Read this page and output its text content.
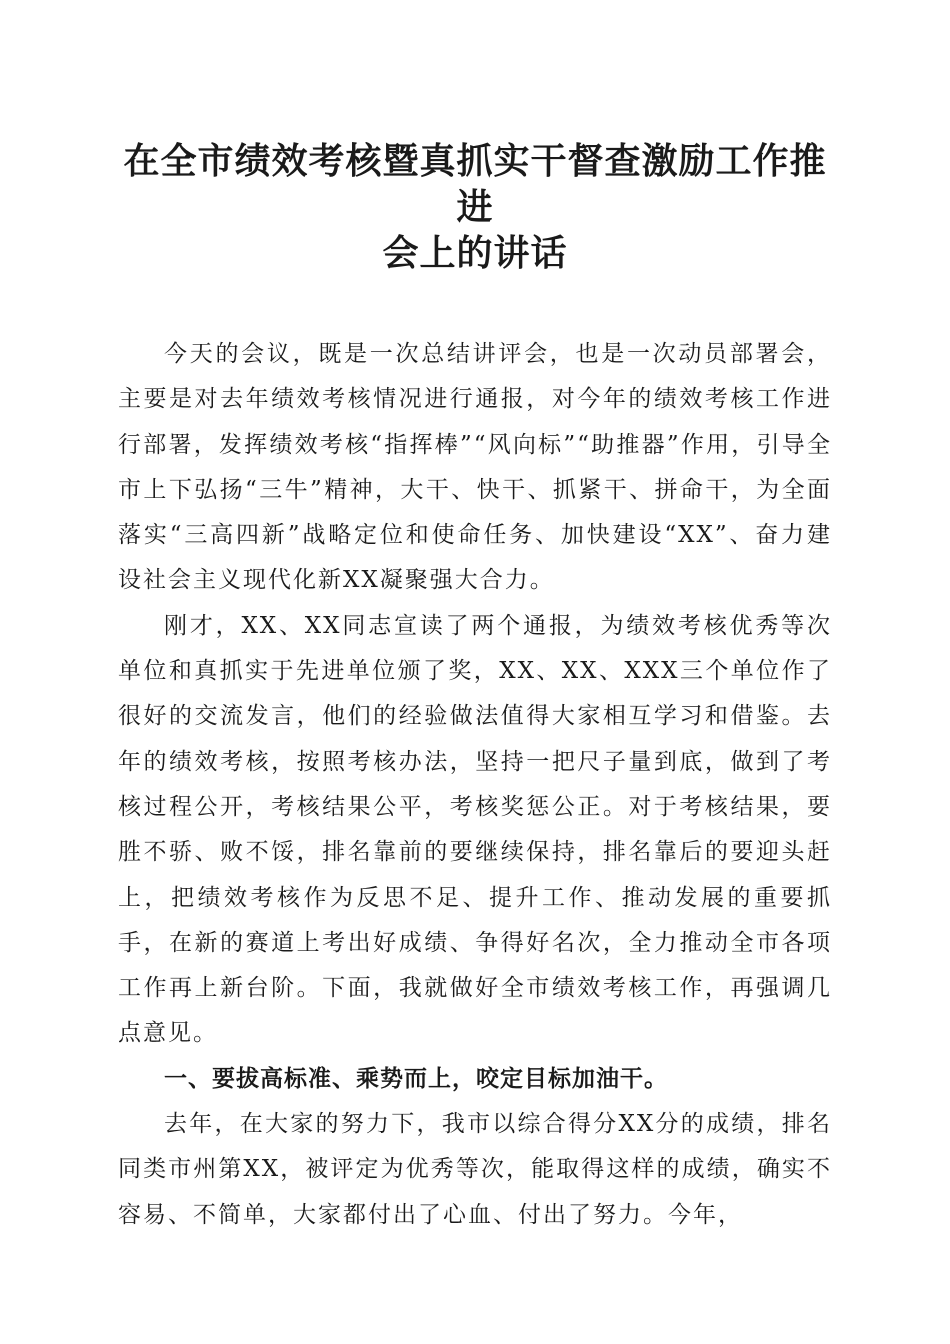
在全市绩效考核暨真抓实干督查激励工作推进
会上的讲话

今天的会议，既是一次总结讲评会，也是一次动员部署会，主要是对去年绩效考核情况进行通报，对今年的绩效考核工作进行部署，发挥绩效考核“指挥棒”“风向标”“助推器”作用，引导全市上下弘扬“三牛”精神，大干、快干、抓紧干、拼命干，为全面落实“三高四新”战略定位和使命任务、加快建设“XX”、奋力建设社会主义现代化新XX凝聚强大合力。

刚才，XX、XX同志宣读了两个通报，为绩效考核优秀等次单位和真抓实于先进单位颁了奖，XX、XX、XXX三个单位作了很好的交流发言，他们的经验做法值得大家相互学习和借鉴。去年的绩效考核，按照考核办法，坚持一把尺子量到底，做到了考核过程公开，考核结果公平，考核奖惩公正。对于考核结果，要胜不骄、败不馁，排名靠前的要继续保持，排名靠后的要迎头赶上，把绩效考核作为反思不足、提升工作、推动发展的重要抓手，在新的赛道上考出好成绩、争得好名次，全力推动全市各项工作再上新台阶。下面，我就做好全市绩效考核工作，再强调几点意见。

一、要拔高标准、乘势而上，咬定目标加油干。

去年，在大家的努力下，我市以综合得分XX分的成绩，排名同类市州第XX，被评定为优秀等次，能取得这样的成绩，确实不容易、不简单，大家都付出了心血、付出了努力。今年，
